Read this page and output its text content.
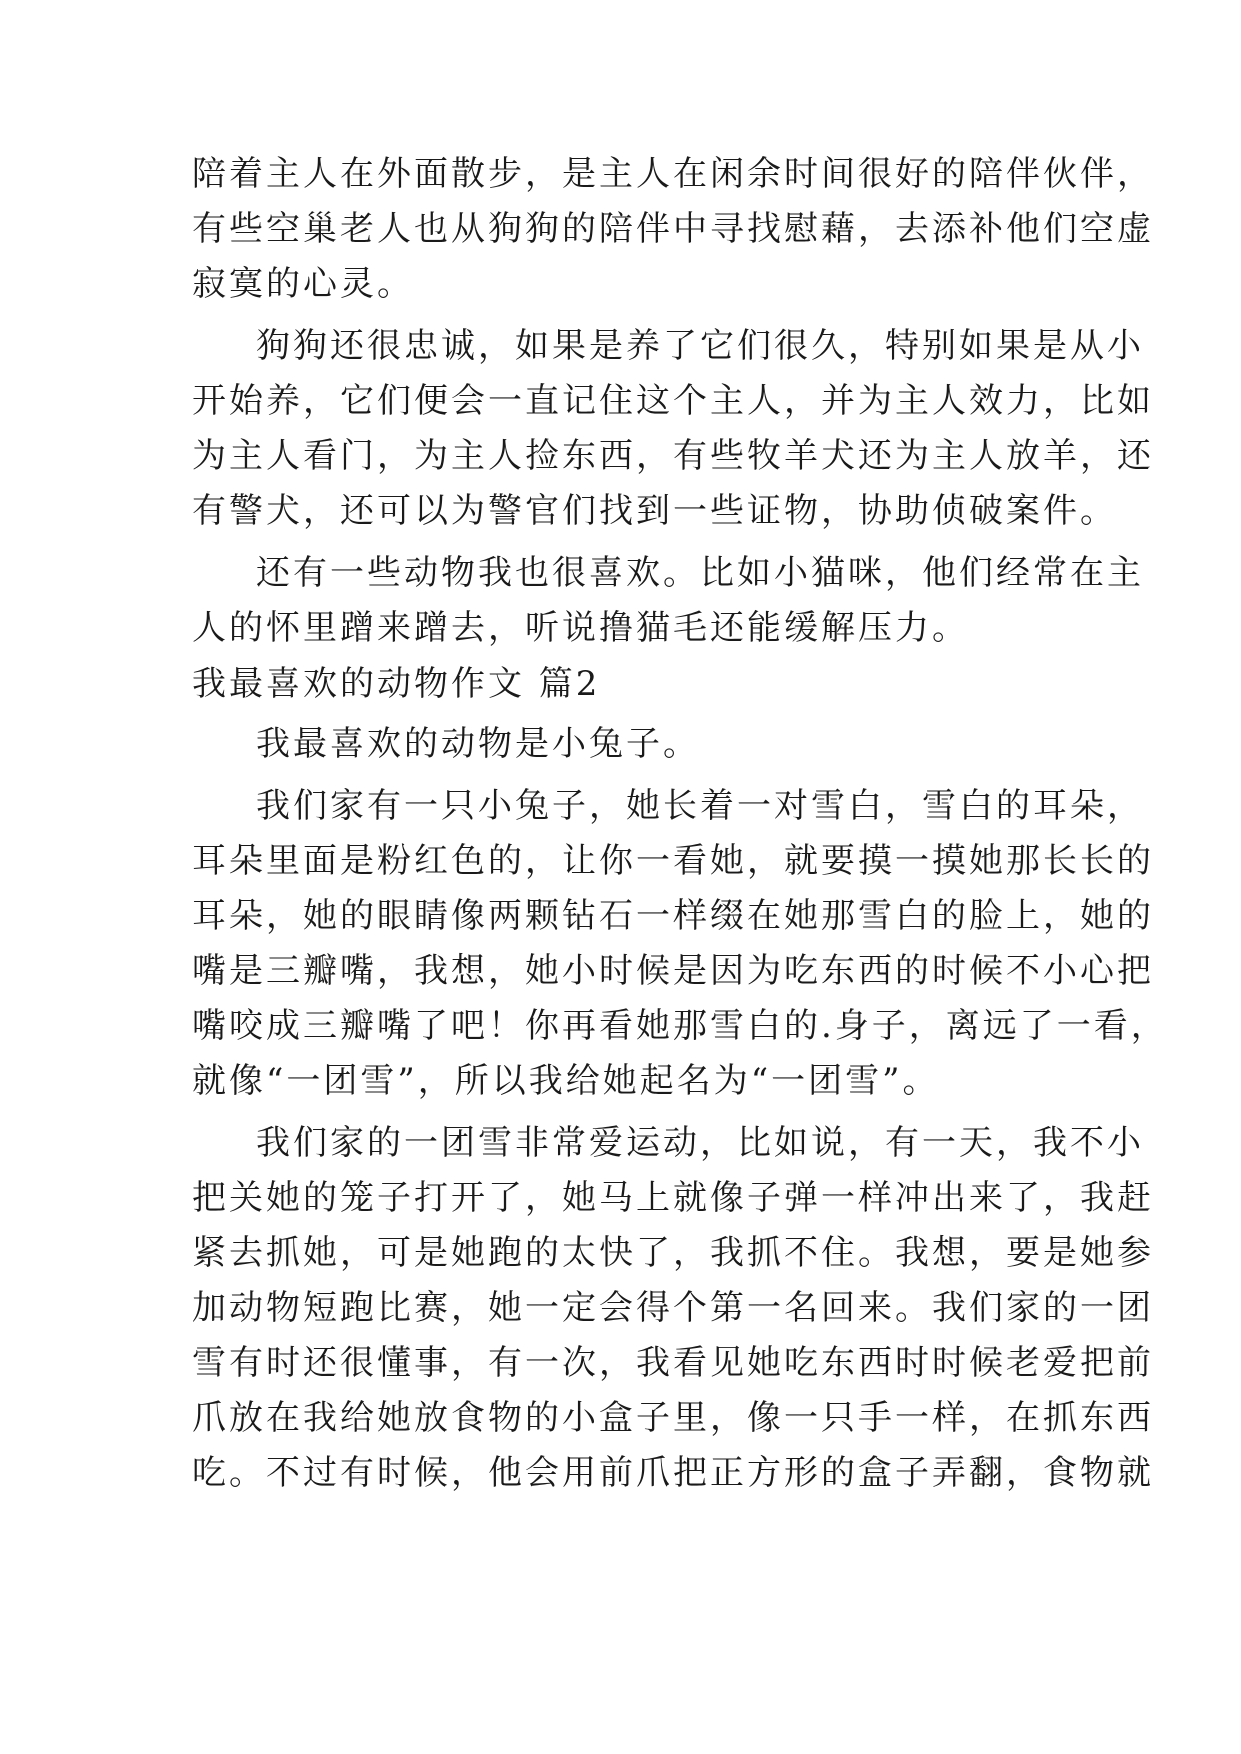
陪着主人在外面散步，是主人在闲余时间很好的陪伴伙伴，
有些空巢老人也从狗狗的陪伴中寻找慰藉，去添补他们空虚
寂寞的心灵。
狗狗还很忠诚，如果是养了它们很久，特别如果是从小
开始养，它们便会一直记住这个主人，并为主人效力，比如
为主人看门，为主人捡东西，有些牧羊犬还为主人放羊，还
有警犬，还可以为警官们找到一些证物，协助侦破案件。
还有一些动物我也很喜欢。比如小猫咪，他们经常在主
人的怀里蹭来蹭去，听说撸猫毛还能缓解压力。
我最喜欢的动物作文 篇2
我最喜欢的动物是小兔子。
我们家有一只小兔子，她长着一对雪白，雪白的耳朵，
耳朵里面是粉红色的，让你一看她，就要摸一摸她那长长的
耳朵，她的眼睛像两颗钻石一样缀在她那雪白的脸上，她的
嘴是三瓣嘴，我想，她小时候是因为吃东西的时候不小心把
嘴咬成三瓣嘴了吧！你再看她那雪白的.身子，离远了一看，
就像“一团雪”，所以我给她起名为“一团雪”。
我们家的一团雪非常爱运动，比如说，有一天，我不小
把关她的笼子打开了，她马上就像子弹一样冲出来了，我赶
紧去抓她，可是她跑的太快了，我抓不住。我想，要是她参
加动物短跑比赛，她一定会得个第一名回来。我们家的一团
雪有时还很懂事，有一次，我看见她吃东西时时候老爱把前
爪放在我给她放食物的小盒子里，像一只手一样，在抓东西
吃。不过有时候，他会用前爪把正方形的盒子弄翻，食物就
